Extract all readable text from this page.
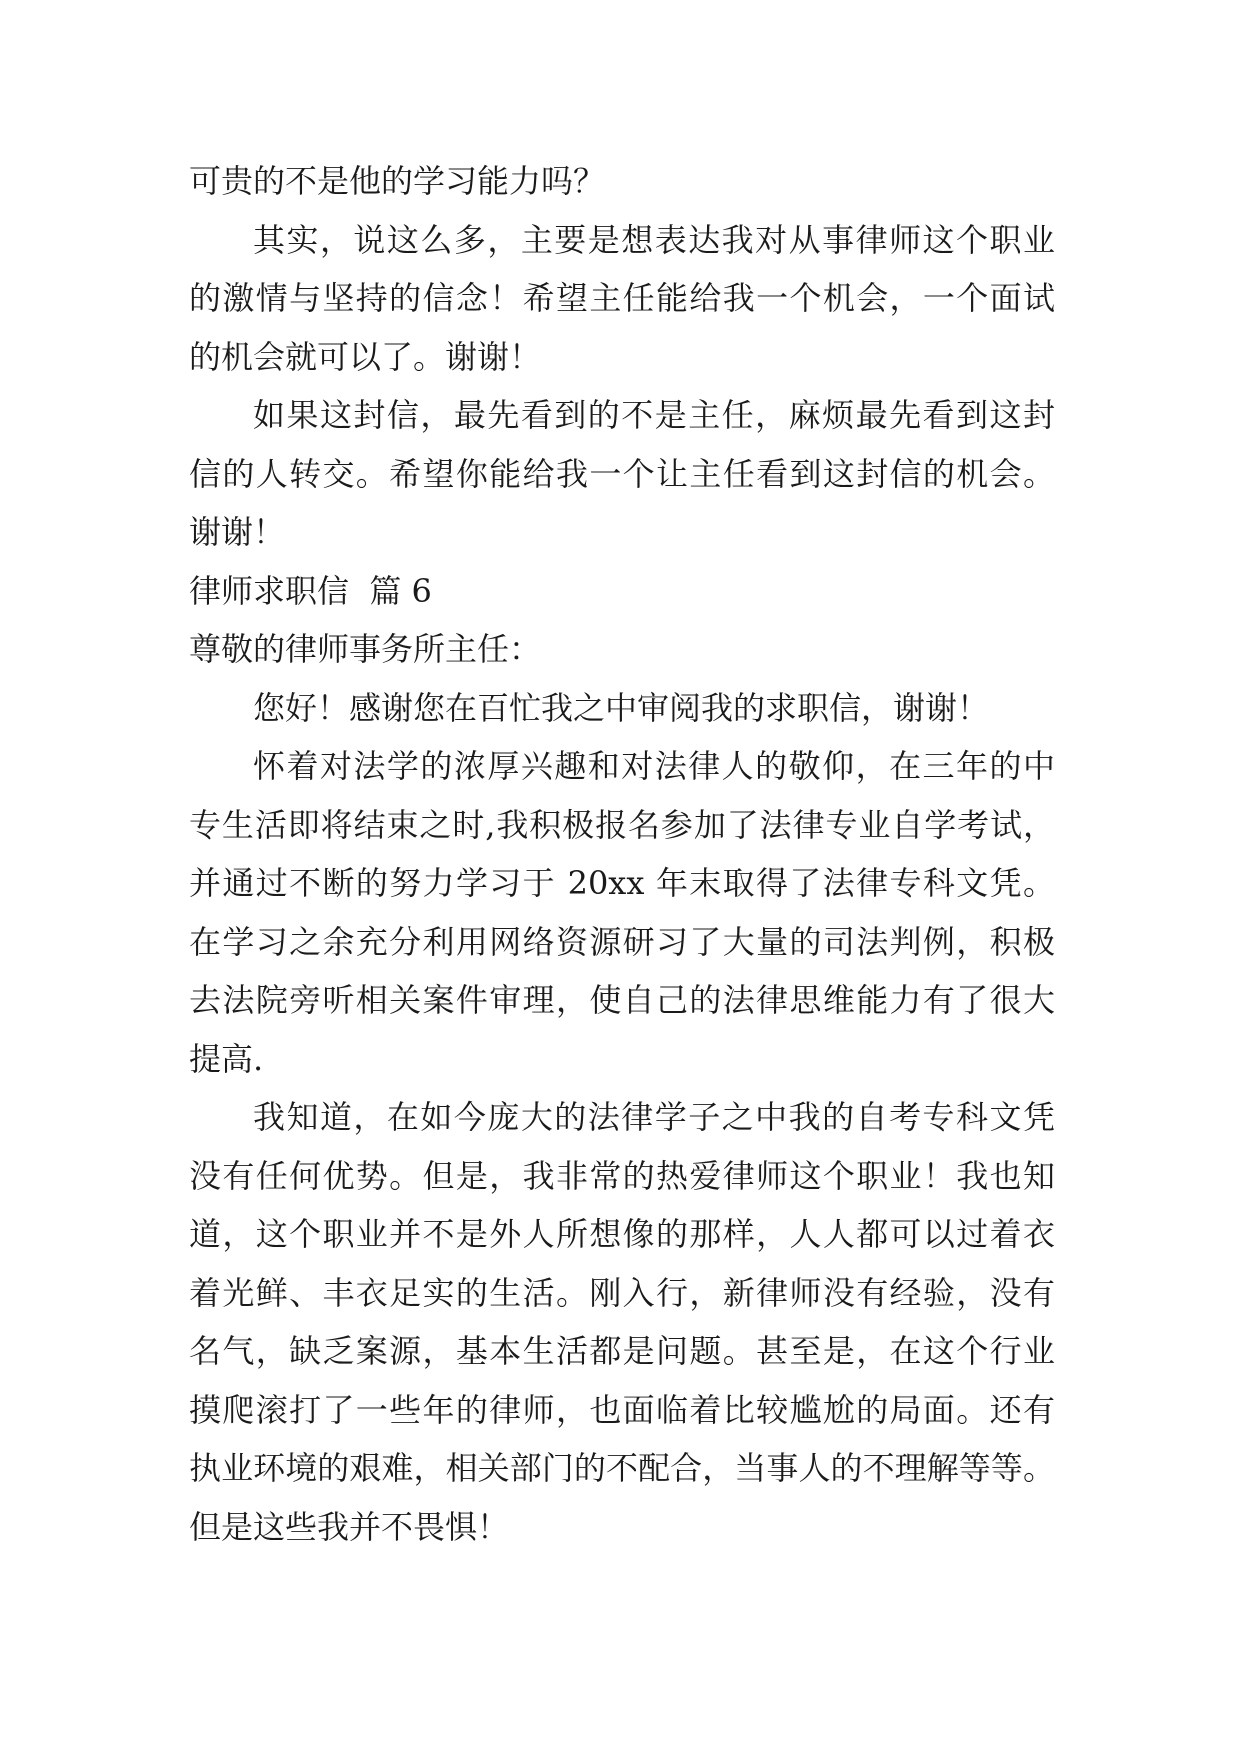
可贵的不是他的学习能力吗？
其实，说这么多，主要是想表达我对从事律师这个职业
的激情与坚持的信念！希望主任能给我一个机会，一个面试
的机会就可以了。谢谢！
如果这封信，最先看到的不是主任，麻烦最先看到这封
信的人转交。希望你能给我一个让主任看到这封信的机会。
谢谢！
律师求职信  篇 6
尊敬的律师事务所主任：
您好！感谢您在百忙我之中审阅我的求职信，谢谢！
怀着对法学的浓厚兴趣和对法律人的敬仰，在三年的中
专生活即将结束之时,我积极报名参加了法律专业自学考试，
并通过不断的努力学习于 20xx 年末取得了法律专科文凭。
在学习之余充分利用网络资源研习了大量的司法判例，积极
去法院旁听相关案件审理，使自己的法律思维能力有了很大
提高.
我知道，在如今庞大的法律学子之中我的自考专科文凭
没有任何优势。但是，我非常的热爱律师这个职业！我也知
道，这个职业并不是外人所想像的那样，人人都可以过着衣
着光鲜、丰衣足实的生活。刚入行，新律师没有经验，没有
名气，缺乏案源，基本生活都是问题。甚至是，在这个行业
摸爬滚打了一些年的律师，也面临着比较尴尬的局面。还有
执业环境的艰难，相关部门的不配合，当事人的不理解等等。
但是这些我并不畏惧！
